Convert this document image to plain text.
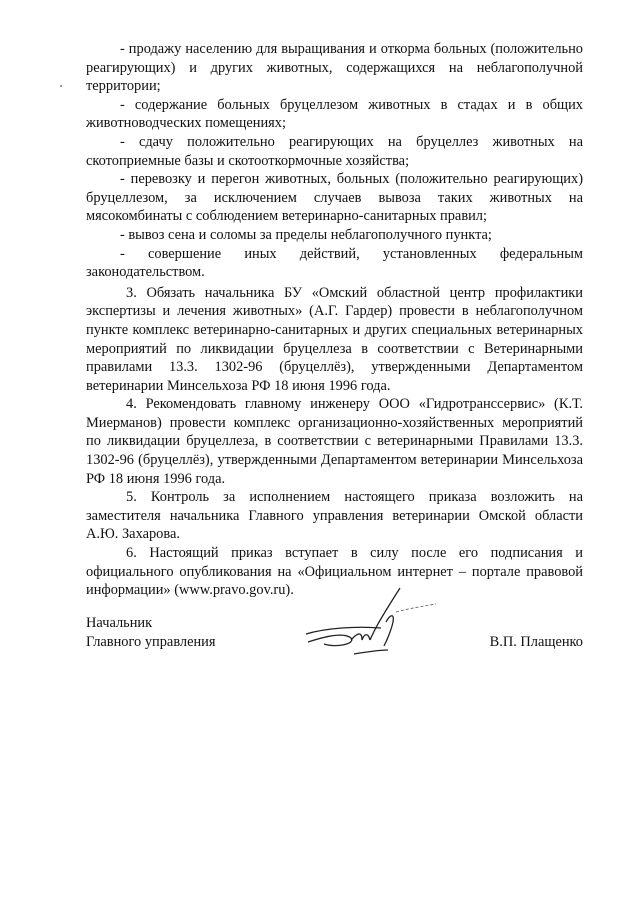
- продажу населению для выращивания и откорма больных (положительно реагирующих) и других животных, содержащихся на неблагополучной территории;

- содержание больных бруцеллезом животных в стадах и в общих животноводческих помещениях;

- сдачу положительно реагирующих на бруцеллез животных на скотоприемные базы и скотооткормочные хозяйства;

- перевозку и перегон животных, больных (положительно реагирующих) бруцеллезом, за исключением случаев вывоза таких животных на мясокомбинаты с соблюдением ветеринарно-санитарных правил;

- вывоз сена и соломы за пределы неблагополучного пункта;

- совершение иных действий, установленных федеральным законодательством.

3. Обязать начальника БУ «Омский областной центр профилактики экспертизы и лечения животных» (А.Г. Гардер) провести в неблагополучном пункте комплекс ветеринарно-санитарных и других специальных ветеринарных мероприятий по ликвидации бруцеллеза в соответствии с Ветеринарными правилами 13.3. 1302-96 (бруцеллёз), утвержденными Департаментом ветеринарии Минсельхоза РФ 18 июня 1996 года.

4. Рекомендовать главному инженеру ООО «Гидротранссервис» (К.Т. Миерманов) провести комплекс организационно-хозяйственных мероприятий по ликвидации бруцеллеза, в соответствии с ветеринарными Правилами 13.3. 1302-96 (бруцеллёз), утвержденными Департаментом ветеринарии Минсельхоза РФ 18 июня 1996 года.

5. Контроль за исполнением настоящего приказа возложить на заместителя начальника Главного управления ветеринарии Омской области А.Ю. Захарова.

6. Настоящий приказ вступает в силу после его подписания и официального опубликования на «Официальном интернет – портале правовой информации» (www.pravo.gov.ru).

Начальник
Главного управления	В.П. Плащенко
